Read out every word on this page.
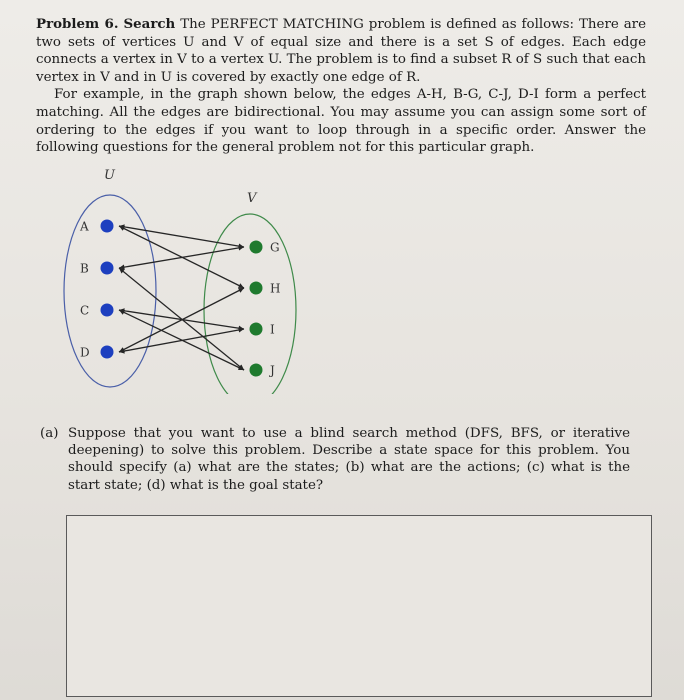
Problem 6. Search The PERFECT MATCHING problem is defined as follows: There are two sets of vertices U and V of equal size and there is a set S of edges. Each edge connects a vertex in V to a vertex U. The problem is to find a subset R of S such that each vertex in V and in U is covered by exactly one edge of R.

For example, in the graph shown below, the edges A-H, B-G, C-J, D-I form a perfect matching. All the edges are bidirectional. You may assume you can assign some sort of ordering to the edges if you want to loop through in a specific order. Answer the following questions for the general problem not for this particular graph.

U
V
A
B
C
D
G
H
I
J
(a) Suppose that you want to use a blind search method (DFS, BFS, or iterative deepening) to solve this problem. Describe a state space for this problem. You should specify (a) what are the states; (b) what are the actions; (c) what is the start state; (d) what is the goal state?
